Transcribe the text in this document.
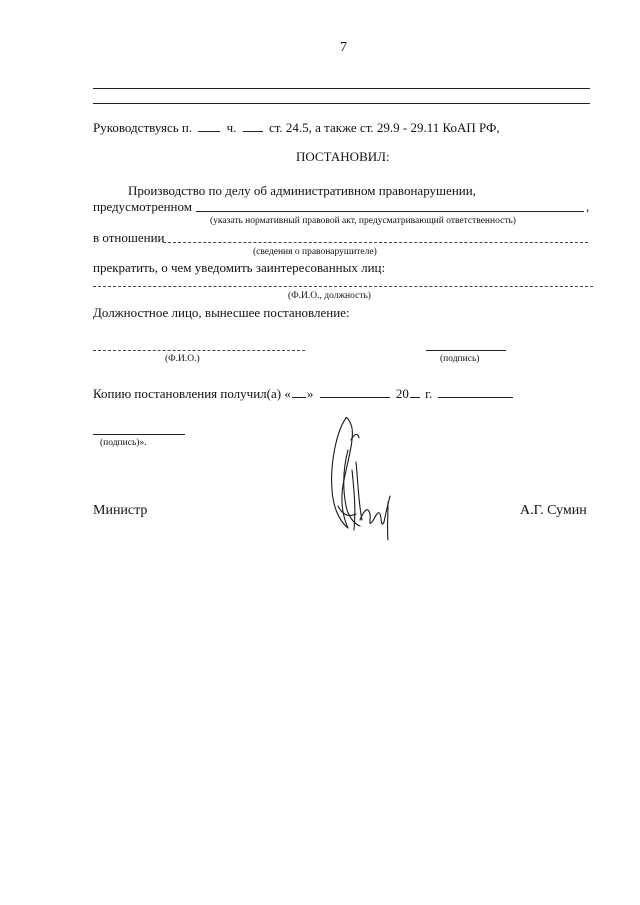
7
Руководствуясь п.	ч.	ст. 24.5, а также ст. 29.9 - 29.11 КоАП РФ,
ПОСТАНОВИЛ:
Производство по делу об административном правонарушении,
предусмотренном	,
(указать нормативный правовой акт, предусматривающий ответственность)
в отношении
(сведения о правонарушителе)
прекратить, о чем уведомить заинтересованных лиц:
(Ф.И.О., должность)
Должностное лицо, вынесшее постановление:
(Ф.И.О.)	(подпись)
Копию постановления получил(а) « »	20 г.
(подпись)».
Министр	А.Г. Сумин
